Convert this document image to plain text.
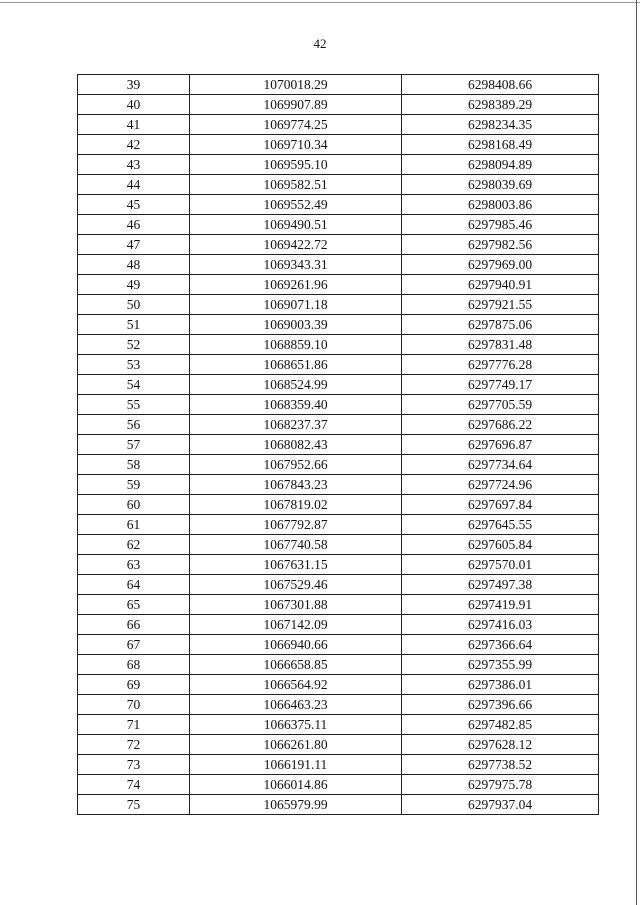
42
39	1070018.29	6298408.66
40	1069907.89	6298389.29
41	1069774.25	6298234.35
42	1069710.34	6298168.49
43	1069595.10	6298094.89
44	1069582.51	6298039.69
45	1069552.49	6298003.86
46	1069490.51	6297985.46
47	1069422.72	6297982.56
48	1069343.31	6297969.00
49	1069261.96	6297940.91
50	1069071.18	6297921.55
51	1069003.39	6297875.06
52	1068859.10	6297831.48
53	1068651.86	6297776.28
54	1068524.99	6297749.17
55	1068359.40	6297705.59
56	1068237.37	6297686.22
57	1068082.43	6297696.87
58	1067952.66	6297734.64
59	1067843.23	6297724.96
60	1067819.02	6297697.84
61	1067792.87	6297645.55
62	1067740.58	6297605.84
63	1067631.15	6297570.01
64	1067529.46	6297497.38
65	1067301.88	6297419.91
66	1067142.09	6297416.03
67	1066940.66	6297366.64
68	1066658.85	6297355.99
69	1066564.92	6297386.01
70	1066463.23	6297396.66
71	1066375.11	6297482.85
72	1066261.80	6297628.12
73	1066191.11	6297738.52
74	1066014.86	6297975.78
75	1065979.99	6297937.04
